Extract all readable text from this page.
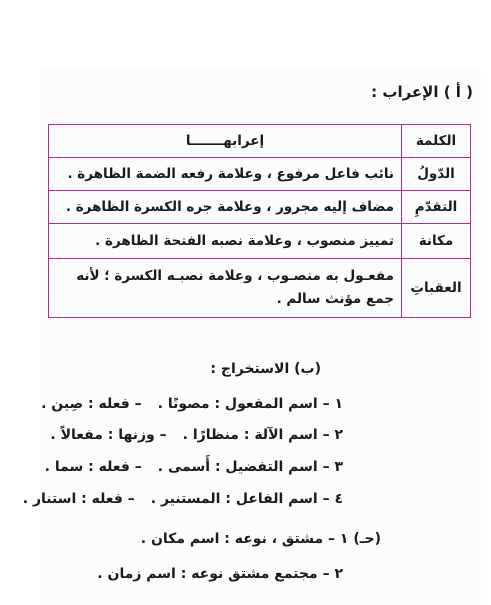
( أ ) الإعراب :
الكلمة	إعرابهـــــــا
الدّولُ	نائب فاعل مرفوع ، وعلامة رفعه الضمة الظاهرة .
التقدّمِ	مضاف إليه مجرور ، وعلامة جره الكسرة الظاهرة .
مكانة	تمييز منصوب ، وعلامة نصبه الفتحة الظاهرة .
العقباتِ	مفعـول به منصـوب ، وعلامة نصبـه الكسرة ؛ لأنه جمع مؤنث سالم .
(ب) الاستخراج :
١ – اسم المفعول : مصونًا .– فعله : صِين .
٢ – اسم الآلة : منظارًا .– وزنها : مفعالاً .
٣ – اسم التفضيل : أَسمى .– فعله : سما .
٤ – اسم الفاعل : المستنير .– فعله : استنار .
(حـ) ١ – مشتق ، نوعه : اسم مكان .
٢ – مجتمع مشتق نوعه : اسم زمان .
